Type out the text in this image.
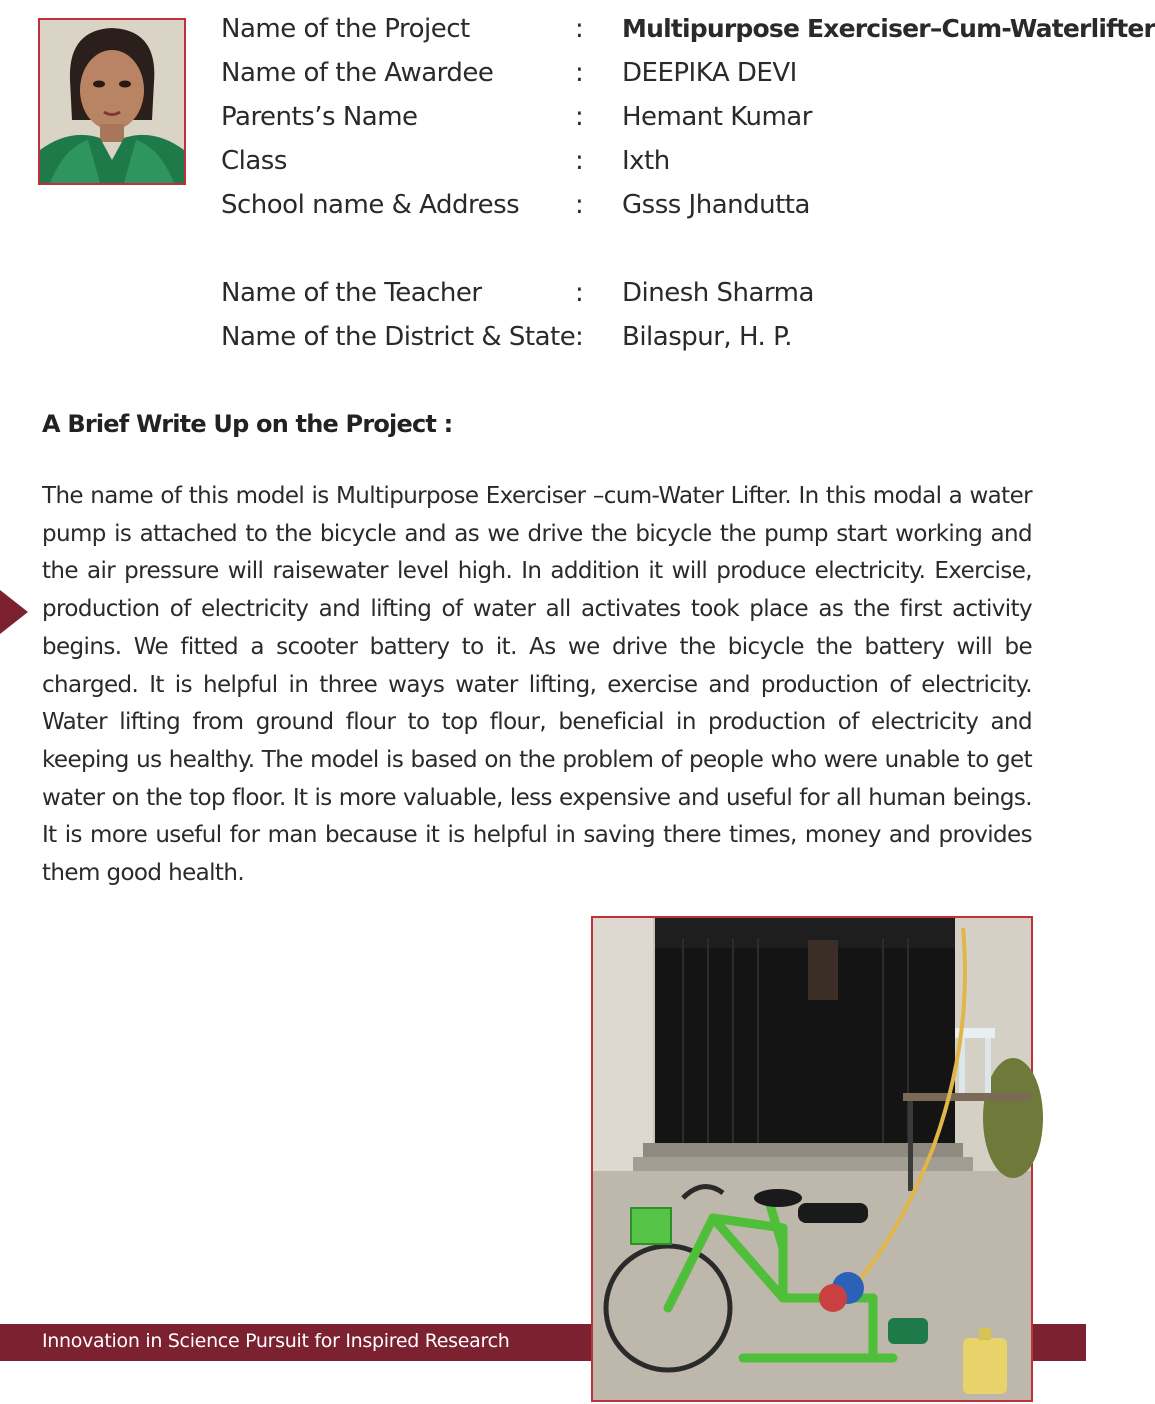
Name of the Project	: Multipurpose Exerciser–Cum-Waterlifter
Name of the Awardee	: DEEPIKA DEVI
Parents’s Name	: Hemant Kumar
Class	: Ixth
School name & Address : Gsss Jhandutta
Name of the Teacher	: Dinesh Sharma
Name of the District & State : Bilaspur, H. P.
A Brief Write Up on the Project :
The name of this model is Multipurpose Exerciser –cum-Water Lifter. In this modal a water pump is attached to the bicycle and as we drive the bicycle the pump start working and the air pressure will raisewater level high. In addition it will produce electricity. Exercise, production of electricity and lifting of water all activates took place as the first activity begins. We fitted a scooter battery to it. As we drive the bicycle the battery will be charged. It is helpful in three ways water lifting, exercise and production of electricity. Water lifting from ground flour to top flour, beneficial in production of electricity and keeping us healthy. The model is based on the problem of people who were unable to get water on the top floor. It is more valuable, less expensive and useful for all human beings. It is more useful for man because it is helpful in saving there times, money and provides them good health.
Innovation in Science Pursuit for Inspired Research
